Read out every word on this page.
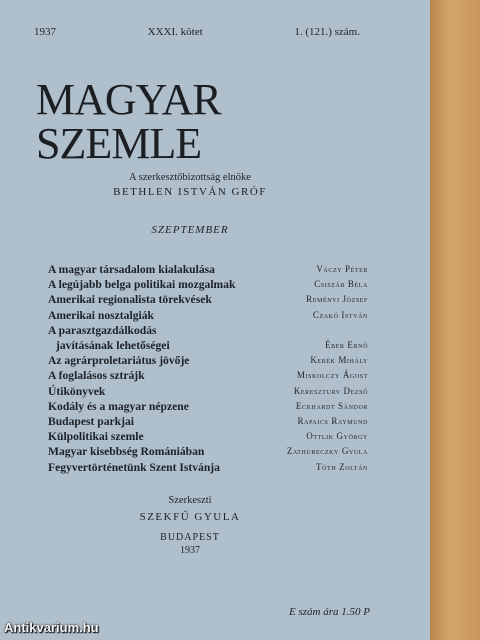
1937	XXXI. kötet	1. (121.) szám.
MAGYAR SZEMLE
A szerkesztőbizottság elnöke
BETHLEN ISTVÁN GRÓF
SZEPTEMBER
A magyar társadalom kialakulása	Váczy Péter
A legújabb belga politikai mozgalmak	Csiszár Béla
Amerikai regionalista törekvések	Reményi József
Amerikai nosztalgiák	Czakó István
A parasztgazdálkodás
javításának lehetőségei	Éber Ernő
Az agrárproletariátus jövője	Kerék Mihály
A foglalásos sztrájk	Miskolczy Ágost
Útikönyvek	Keresztury Dezső
Kodály és a magyar népzene	Eckhardt Sándor
Budapest parkjai	Rapaics Raymund
Külpolitikai szemle	Ottlik György
Magyar kisebbség Romániában	Zathureczky Gyula
Fegyvertörténetünk Szent Istvánja	Tóth Zoltán
Szerkeszti
SZEKFŰ GYULA
BUDAPEST
1937
E szám ára 1.50 P
Antikvarium.hu
